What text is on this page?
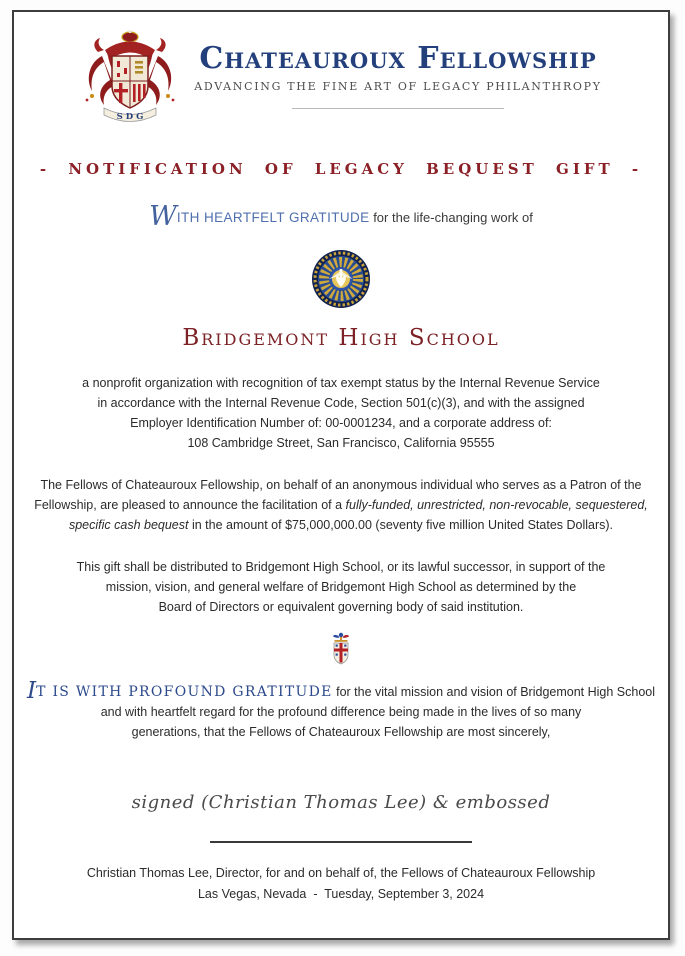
S D G
Chateauroux Fellowship
ADVANCING THE FINE ART OF LEGACY PHILANTHROPY
- NOTIFICATION OF LEGACY BEQUEST GIFT -
WITH HEARTFELT GRATITUDE for the life-changing work of
Bridgemont High School
a nonprofit organization with recognition of tax exempt status by the Internal Revenue Service
in accordance with the Internal Revenue Code, Section 501(c)(3), and with the assigned
Employer Identification Number of: 00-0001234, and a corporate address of:
108 Cambridge Street, San Francisco, California 95555
The Fellows of Chateauroux Fellowship, on behalf of an anonymous individual who serves as a Patron of the
Fellowship, are pleased to announce the facilitation of a fully-funded, unrestricted, non-revocable, sequestered,
specific cash bequest in the amount of $75,000,000.00 (seventy five million United States Dollars).
This gift shall be distributed to Bridgemont High School, or its lawful successor, in support of the
mission, vision, and general welfare of Bridgemont High School as determined by the
Board of Directors or equivalent governing body of said institution.
IT IS WITH PROFOUND GRATITUDE for the vital mission and vision of Bridgemont High School
and with heartfelt regard for the profound difference being made in the lives of so many
generations, that the Fellows of Chateauroux Fellowship are most sincerely,
signed (Christian Thomas Lee) & embossed
Christian Thomas Lee, Director, for and on behalf of, the Fellows of Chateauroux Fellowship
Las Vegas, Nevada  -  Tuesday, September 3, 2024
